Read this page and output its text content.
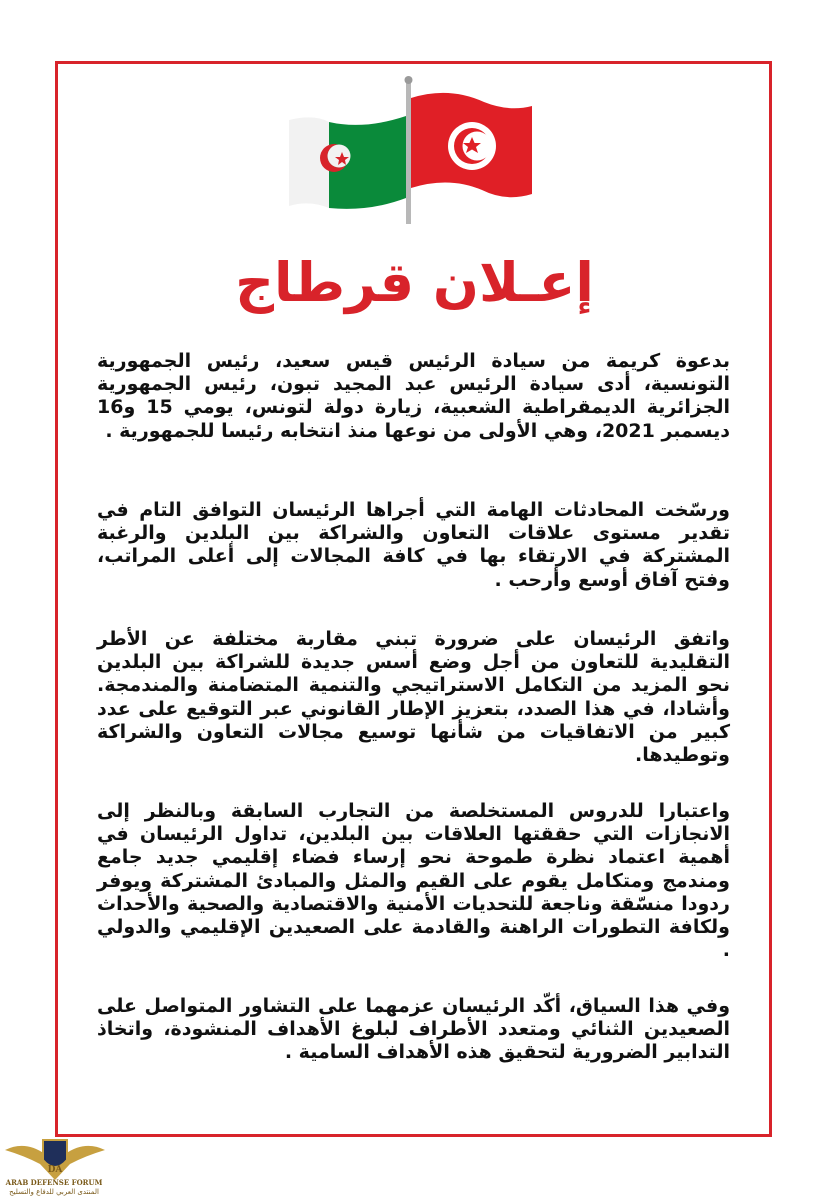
إعـلان قرطاج

بدعوة كريمة من سيادة الرئيس قيس سعيد، رئيس الجمهورية التونسية، أدى سيادة الرئيس عبد المجيد تبون، رئيس الجمهورية الجزائرية الديمقراطية الشعبية، زيارة دولة لتونس، يومي 15 و16 ديسمبر 2021، وهي الأولى من نوعها منذ انتخابه رئيسا للجمهورية .

ورسّخت المحادثات الهامة التي أجراها الرئيسان التوافق التام في تقدير مستوى علاقات التعاون والشراكة بين البلدين والرغبة المشتركة في الارتقاء بها في كافة المجالات إلى أعلى المراتب، وفتح آفاق أوسع وأرحب .

واتفق الرئيسان على ضرورة تبني مقاربة مختلفة عن الأطر التقليدية للتعاون من أجل وضع أسس جديدة للشراكة بين البلدين نحو المزيد من التكامل الاستراتيجي والتنمية المتضامنة والمندمجة. وأشادا، في هذا الصدد، بتعزيز الإطار القانوني عبر التوقيع على عدد كبير من الاتفاقيات من شأنها توسيع مجالات التعاون والشراكة وتوطيدها.

واعتبارا للدروس المستخلصة من التجارب السابقة وبالنظر إلى الانجازات التي حققتها العلاقات بين البلدين، تداول الرئيسان في أهمية اعتماد نظرة طموحة نحو إرساء فضاء إقليمي جديد جامع ومندمج ومتكامل يقوم على القيم والمثل والمبادئ المشتركة ويوفر ردودا منسّقة وناجعة للتحديات الأمنية والاقتصادية والصحية والأحداث ولكافة التطورات الراهنة والقادمة على الصعيدين الإقليمي والدولي .

وفي هذا السياق، أكّد الرئيسان عزمهما على التشاور المتواصل على الصعيدين الثنائي ومتعدد الأطراف لبلوغ الأهداف المنشودة، واتخاذ التدابير الضرورية لتحقيق هذه الأهداف السامية .

DA
ARAB DEFENSE FORUM
المنتدى العربي للدفاع والتسليح
